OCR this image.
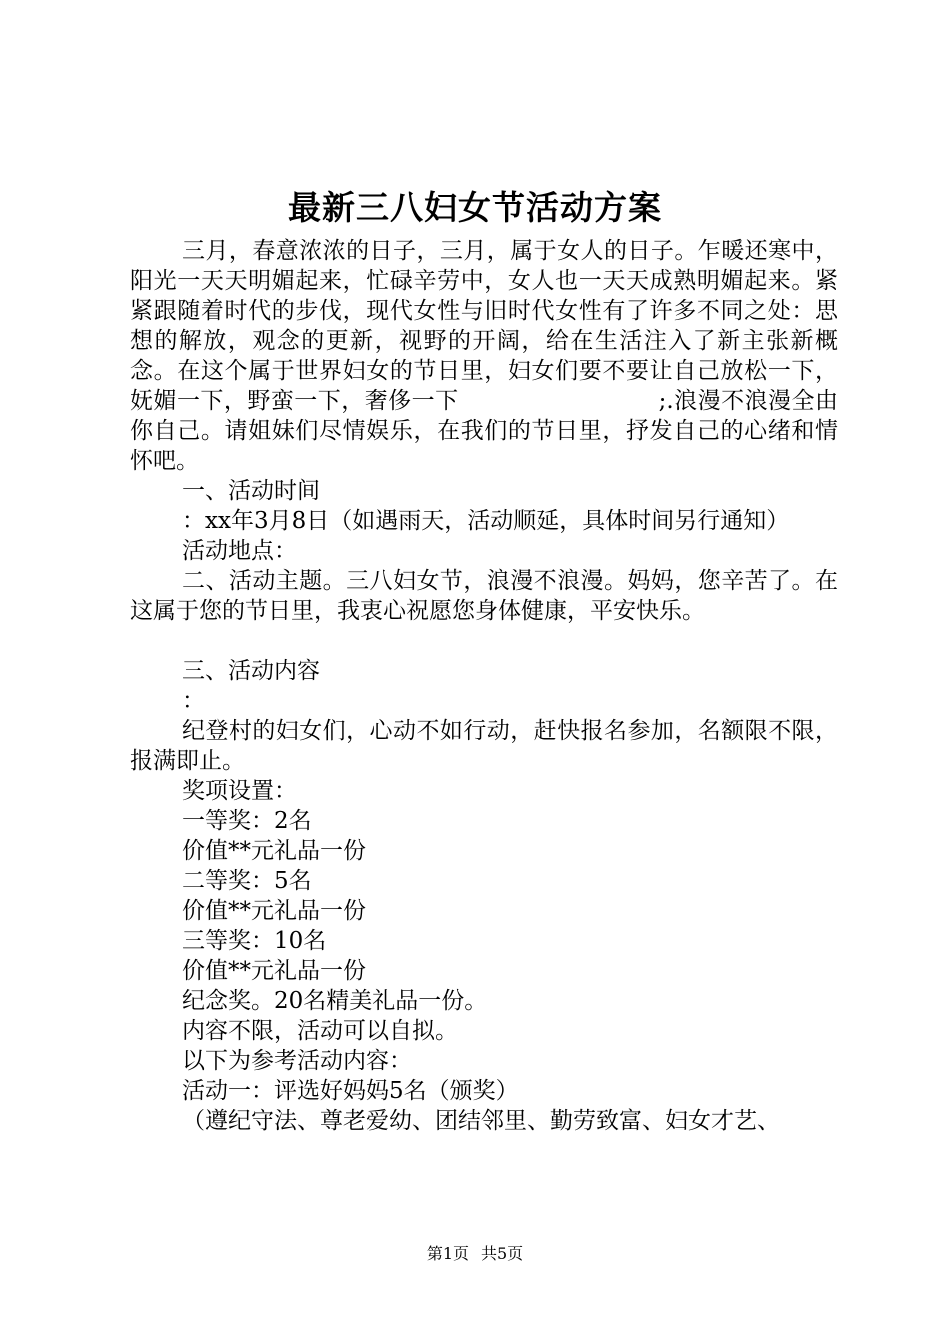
最新三八妇女节活动方案

三月，春意浓浓的日子，三月，属于女人的日子。乍暖还寒中，阳光一天天明媚起来，忙碌辛劳中，女人也一天天成熟明媚起来。紧紧跟随着时代的步伐，现代女性与旧时代女性有了许多不同之处：思想的解放，观念的更新，视野的开阔，给在生活注入了新主张新概念。在这个属于世界妇女的节日里，妇女们要不要让自己放松一下，妩媚一下，野蛮一下，奢侈一下	;.浪漫不浪漫全由你自己。请姐妹们尽情娱乐，在我们的节日里，抒发自己的心绪和情怀吧。

一、活动时间

：xx年3月8日（如遇雨天，活动顺延，具体时间另行通知）

活动地点：

二、活动主题。三八妇女节，浪漫不浪漫。妈妈，您辛苦了。在这属于您的节日里，我衷心祝愿您身体健康，平安快乐。

三、活动内容

：

纪登村的妇女们，心动不如行动，赶快报名参加，名额限不限，报满即止。

奖项设置：

一等奖：2名

价值**元礼品一份

二等奖：5名

价值**元礼品一份

三等奖：10名

价值**元礼品一份

纪念奖。20名精美礼品一份。

内容不限，活动可以自拟。

以下为参考活动内容：

活动一：评选好妈妈5名（颁奖）

（遵纪守法、尊老爱幼、团结邻里、勤劳致富、妇女才艺、

第1页 共5页
